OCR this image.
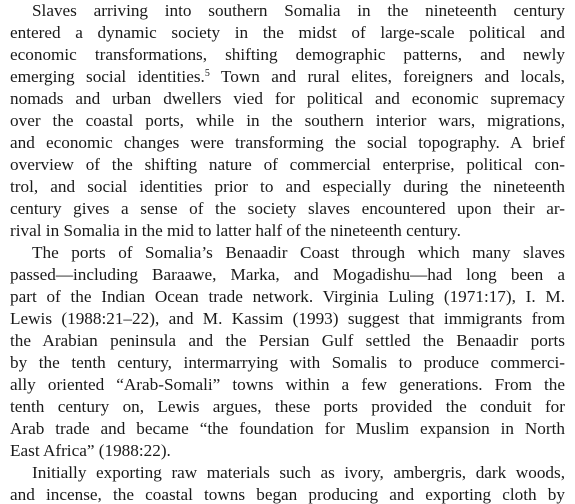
Slaves arriving into southern Somalia in the nineteenth century
entered a dynamic society in the midst of large-scale political and
economic transformations, shifting demographic patterns, and newly
emerging social identities.$^5$ Town and rural elites, foreigners and locals,
nomads and urban dwellers vied for political and economic supremacy
over the coastal ports, while in the southern interior wars, migrations,
and economic changes were transforming the social topography. A brief
overview of the shifting nature of commercial enterprise, political con-
trol, and social identities prior to and especially during the nineteenth
century gives a sense of the society slaves encountered upon their ar-
rival in Somalia in the mid to latter half of the nineteenth century.
The ports of Somalia’s Benaadir Coast through which many slaves
passed—including Baraawe, Marka, and Mogadishu—had long been a
part of the Indian Ocean trade network. Virginia Luling (1971:17), I. M.
Lewis (1988:21–22), and M. Kassim (1993) suggest that immigrants from
the Arabian peninsula and the Persian Gulf settled the Benaadir ports
by the tenth century, intermarrying with Somalis to produce commerci-
ally oriented “Arab-Somali” towns within a few generations. From the
tenth century on, Lewis argues, these ports provided the conduit for
Arab trade and became “the foundation for Muslim expansion in North
East Africa” (1988:22).
Initially exporting raw materials such as ivory, ambergris, dark woods,
and incense, the coastal towns began producing and exporting cloth by
